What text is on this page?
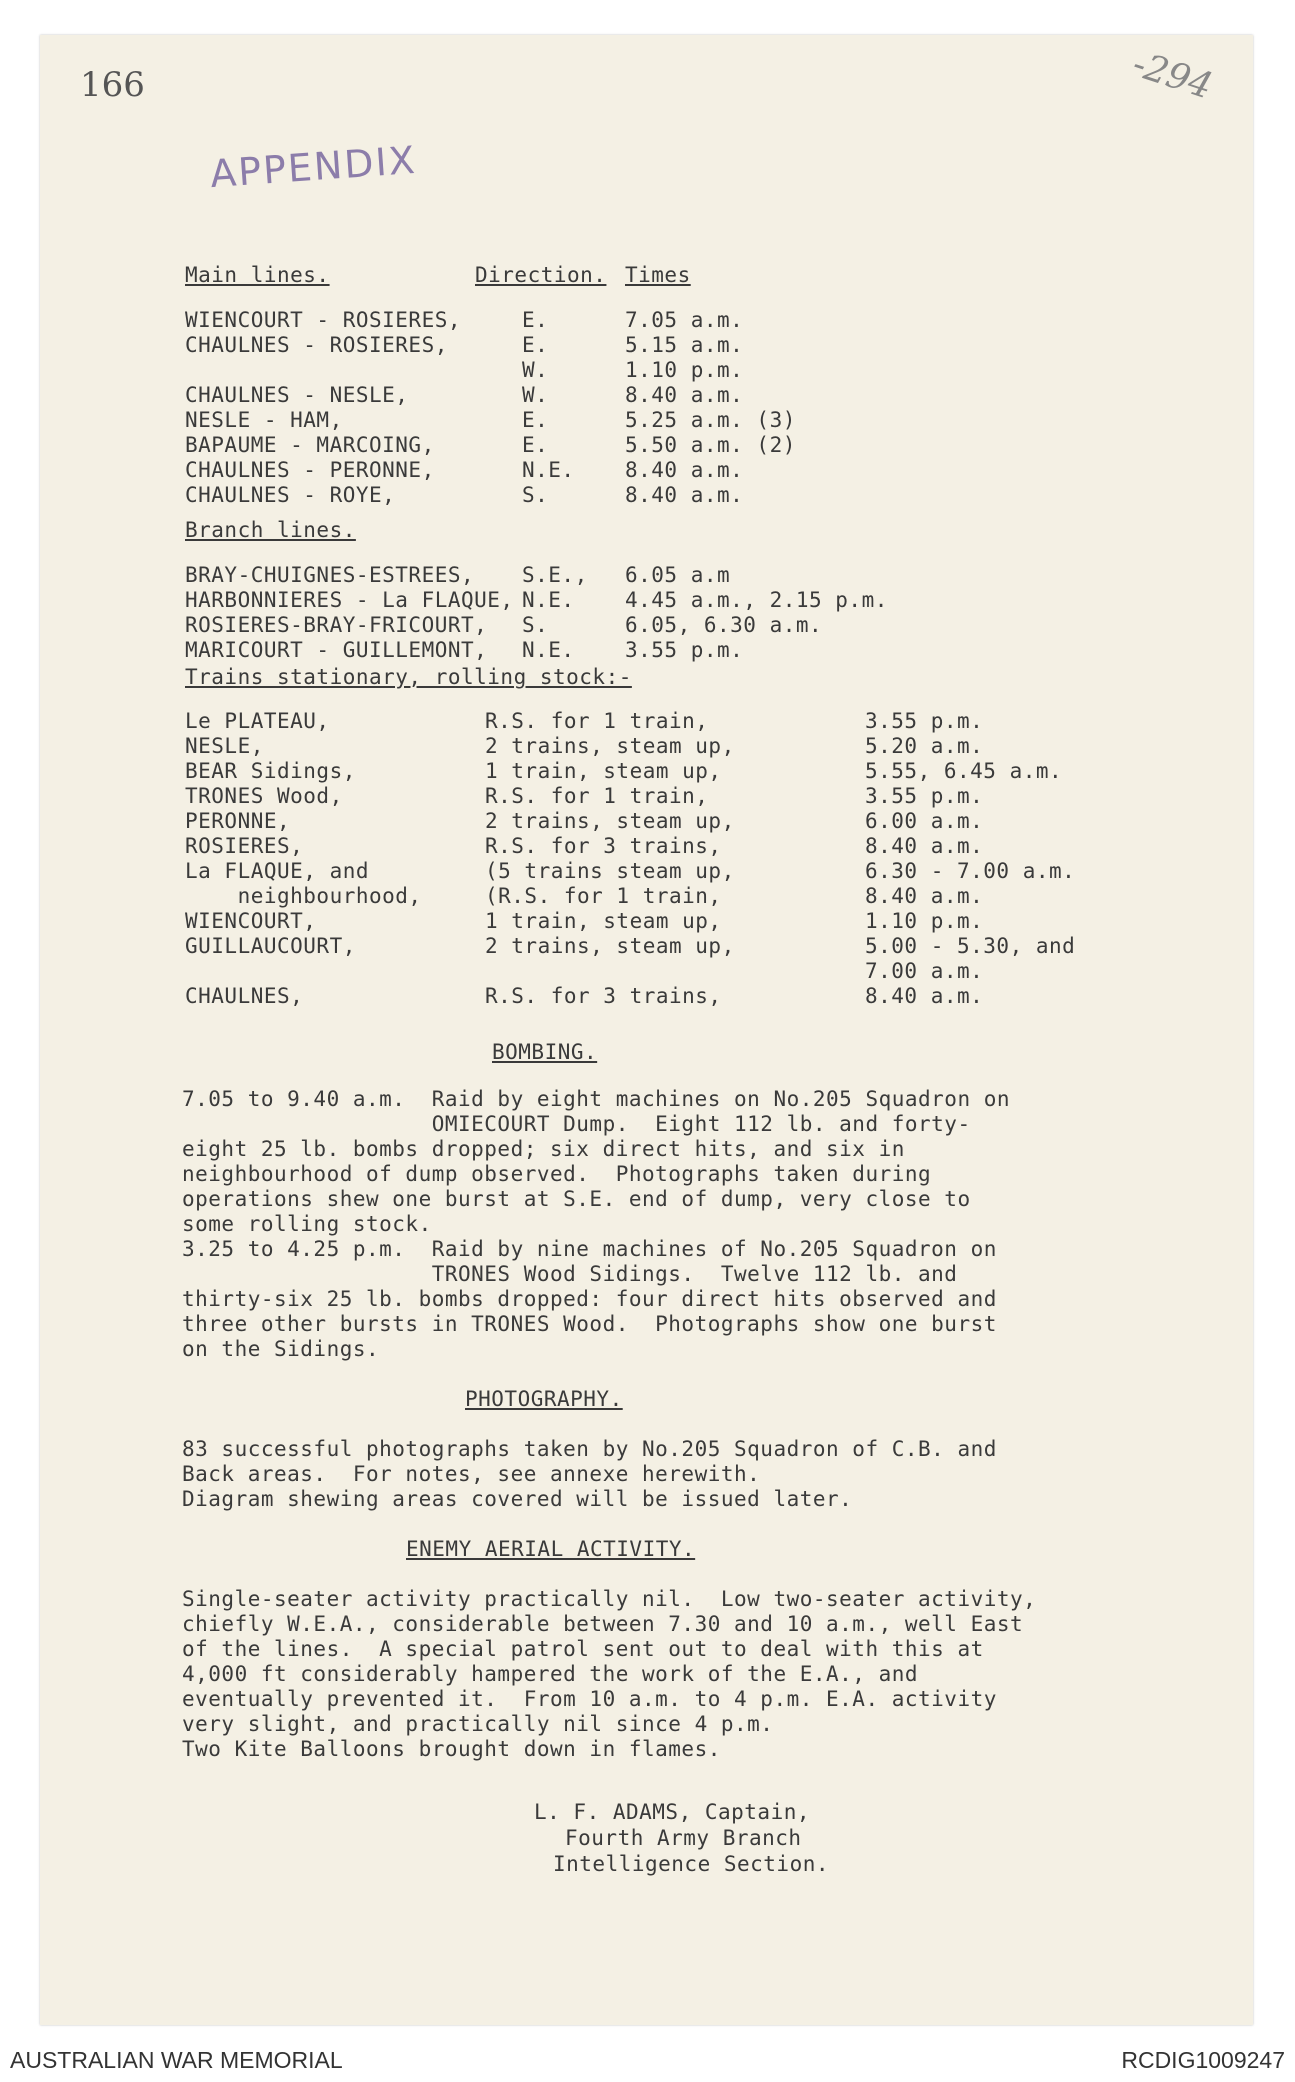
166	-294
APPENDIX
Main lines.	Direction. Times
WIENCOURT - ROSIERES,	E.	7.05 a.m.
CHAULNES - ROSIERES,	E.	5.15 a.m.
W.	1.10 p.m.
CHAULNES - NESLE,	W.	8.40 a.m.
NESLE - HAM,	E.	5.25 a.m. (3)
BAPAUME - MARCOING,	E.	5.50 a.m. (2)
CHAULNES - PERONNE,	N.E. 8.40 a.m.
CHAULNES - ROYE,	S.	8.40 a.m.
Branch lines.
BRAY-CHUIGNES-ESTREES, S.E., 6.05 a.m
HARBONNIERES - La FLAQUE, N.E. 4.45 a.m., 2.15 p.m.
ROSIERES-BRAY-FRICOURT, S.	6.05, 6.30 a.m.
MARICOURT - GUILLEMONT, N.E. 3.55 p.m.
Trains stationary, rolling stock:-
Le PLATEAU,	R.S. for 1 train,	3.55 p.m.
NESLE,	2 trains, steam up,	5.20 a.m.
BEAR Sidings,	1 train, steam up,	5.55, 6.45 a.m.
TRONES Wood,	R.S. for 1 train,	3.55 p.m.
PERONNE,	2 trains, steam up,	6.00 a.m.
ROSIERES,	R.S. for 3 trains,	8.40 a.m.
La FLAQUE, and	(5 trains steam up,	6.30 - 7.00 a.m.
neighbourhood,	(R.S. for 1 train,	8.40 a.m.
WIENCOURT,	1 train, steam up,	1.10 p.m.
GUILLAUCOURT,	2 trains, steam up,	5.00 - 5.30, and
7.00 a.m.
CHAULNES,	R.S. for 3 trains,	8.40 a.m.
BOMBING.
7.05 to 9.40 a.m.  Raid by eight machines on No.205 Squadron on
OMIECOURT Dump.  Eight 112 lb. and forty-
eight 25 lb. bombs dropped; six direct hits, and six in
neighbourhood of dump observed.  Photographs taken during
operations shew one burst at S.E. end of dump, very close to
some rolling stock.
3.25 to 4.25 p.m.  Raid by nine machines of No.205 Squadron on
TRONES Wood Sidings.  Twelve 112 lb. and
thirty-six 25 lb. bombs dropped: four direct hits observed and
three other bursts in TRONES Wood.  Photographs show one burst
on the Sidings.
PHOTOGRAPHY.
83 successful photographs taken by No.205 Squadron of C.B. and
Back areas.  For notes, see annexe herewith.
Diagram shewing areas covered will be issued later.
ENEMY AERIAL ACTIVITY.
Single-seater activity practically nil.  Low two-seater activity,
chiefly W.E.A., considerable between 7.30 and 10 a.m., well East
of the lines.  A special patrol sent out to deal with this at
4,000 ft considerably hampered the work of the E.A., and
eventually prevented it.  From 10 a.m. to 4 p.m. E.A. activity
very slight, and practically nil since 4 p.m.
Two Kite Balloons brought down in flames.
L. F. ADAMS, Captain,
Fourth Army Branch
Intelligence Section.
AUSTRALIAN WAR MEMORIAL	RCDIG1009247
